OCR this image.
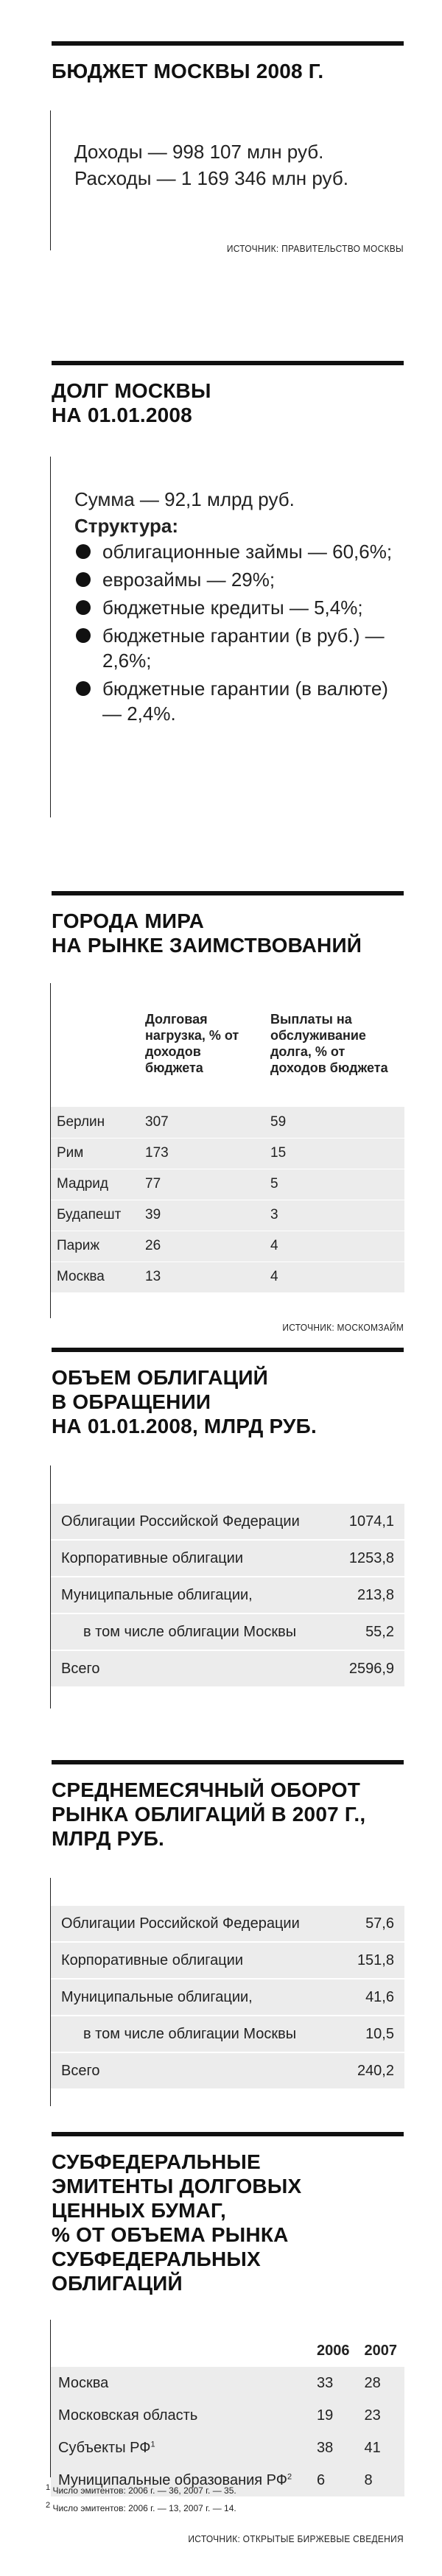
БЮДЖЕТ МОСКВЫ 2008 Г.
Доходы — 998 107 млн руб.
Расходы — 1 169 346 млн руб.
ИСТОЧНИК: ПРАВИТЕЛЬСТВО МОСКВЫ
ДОЛГ МОСКВЫ
НА 01.01.2008
Сумма — 92,1 млрд руб.
Структура:
облигационные займы — 60,6%;
еврозаймы — 29%;
бюджетные кредиты — 5,4%;
бюджетные гарантии (в руб.) — 2,6%;
бюджетные гарантии (в валюте) — 2,4%.
ГОРОДА МИРА
НА РЫНКЕ ЗАИМСТВОВАНИЙ
	Долговая нагрузка, % от доходов бюджета	Выплаты на обслуживание долга, % от доходов бюджета
Берлин	307	59
Рим	173	15
Мадрид	77	5
Будапешт	39	3
Париж	26	4
Москва	13	4
ИСТОЧНИК: МОСКОМЗАЙМ
ОБЪЕМ ОБЛИГАЦИЙ
В ОБРАЩЕНИИ
НА 01.01.2008, МЛРД РУБ.
Облигации Российской Федерации	1074,1
Корпоративные облигации	1253,8
Муниципальные облигации,	213,8
в том числе облигации Москвы	55,2
Всего	2596,9
СРЕДНЕМЕСЯЧНЫЙ ОБОРОТ
РЫНКА ОБЛИГАЦИЙ В 2007 Г.,
МЛРД РУБ.
Облигации Российской Федерации	57,6
Корпоративные облигации	151,8
Муниципальные облигации,	41,6
в том числе облигации Москвы	10,5
Всего	240,2
СУБФЕДЕРАЛЬНЫЕ
ЭМИТЕНТЫ ДОЛГОВЫХ
ЦЕННЫХ БУМАГ,
% ОТ ОБЪЕМА РЫНКА
СУБФЕДЕРАЛЬНЫХ
ОБЛИГАЦИЙ
	2006	2007
Москва	33	28
Московская область	19	23
Субъекты $РФ^1$	38	41
Муниципальные образования $РФ^2$	6	8
$^1$ Число эмитентов: 2006 г. — 36, 2007 г. — 35.
$^2$ Число эмитентов: 2006 г. — 13, 2007 г. — 14.
ИСТОЧНИК: ОТКРЫТЫЕ БИРЖЕВЫЕ СВЕДЕНИЯ
